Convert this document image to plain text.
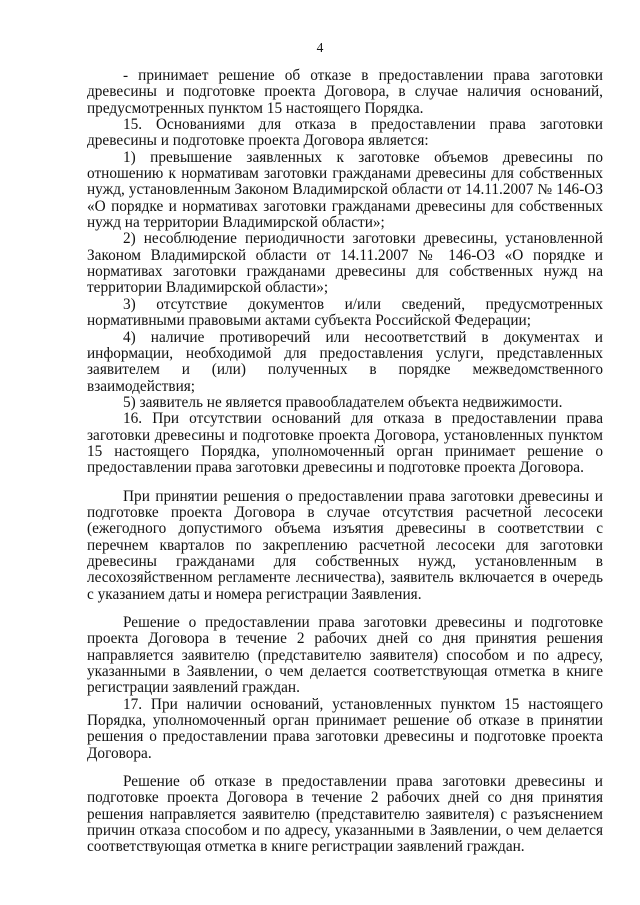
4

- принимает решение об отказе в предоставлении права заготовки древесины и подготовке проекта Договора, в случае наличия оснований, предусмотренных пунктом 15 настоящего Порядка.

15. Основаниями для отказа в предоставлении права заготовки древесины и подготовке проекта Договора является:

1) превышение заявленных к заготовке объемов древесины по отношению к нормативам заготовки гражданами древесины для собственных нужд, установленным Законом Владимирской области от 14.11.2007 № 146-ОЗ «О порядке и нормативах заготовки гражданами древесины для собственных нужд на территории Владимирской области»;

2) несоблюдение периодичности заготовки древесины, установленной Законом Владимирской области от 14.11.2007 № 146-ОЗ «О порядке и нормативах заготовки гражданами древесины для собственных нужд на территории Владимирской области»;

3) отсутствие документов и/или сведений, предусмотренных нормативными правовыми актами субъекта Российской Федерации;

4) наличие противоречий или несоответствий в документах и информации, необходимой для предоставления услуги, представленных заявителем и (или) полученных в порядке межведомственного взаимодействия;

5) заявитель не является правообладателем объекта недвижимости.

16. При отсутствии оснований для отказа в предоставлении права заготовки древесины и подготовке проекта Договора, установленных пунктом 15 настоящего Порядка, уполномоченный орган принимает решение о предоставлении права заготовки древесины и подготовке проекта Договора.

При принятии решения о предоставлении права заготовки древесины и подготовке проекта Договора в случае отсутствия расчетной лесосеки (ежегодного допустимого объема изъятия древесины в соответствии с перечнем кварталов по закреплению расчетной лесосеки для заготовки древесины гражданами для собственных нужд, установленным в лесохозяйственном регламенте лесничества), заявитель включается в очередь с указанием даты и номера регистрации Заявления.

Решение о предоставлении права заготовки древесины и подготовке проекта Договора в течение 2 рабочих дней со дня принятия решения направляется заявителю (представителю заявителя) способом и по адресу, указанными в Заявлении, о чем делается соответствующая отметка в книге регистрации заявлений граждан.

17. При наличии оснований, установленных пунктом 15 настоящего Порядка, уполномоченный орган принимает решение об отказе в принятии решения о предоставлении права заготовки древесины и подготовке проекта Договора.

Решение об отказе в предоставлении права заготовки древесины и подготовке проекта Договора в течение 2 рабочих дней со дня принятия решения направляется заявителю (представителю заявителя) с разъяснением причин отказа способом и по адресу, указанными в Заявлении, о чем делается соответствующая отметка в книге регистрации заявлений граждан.
